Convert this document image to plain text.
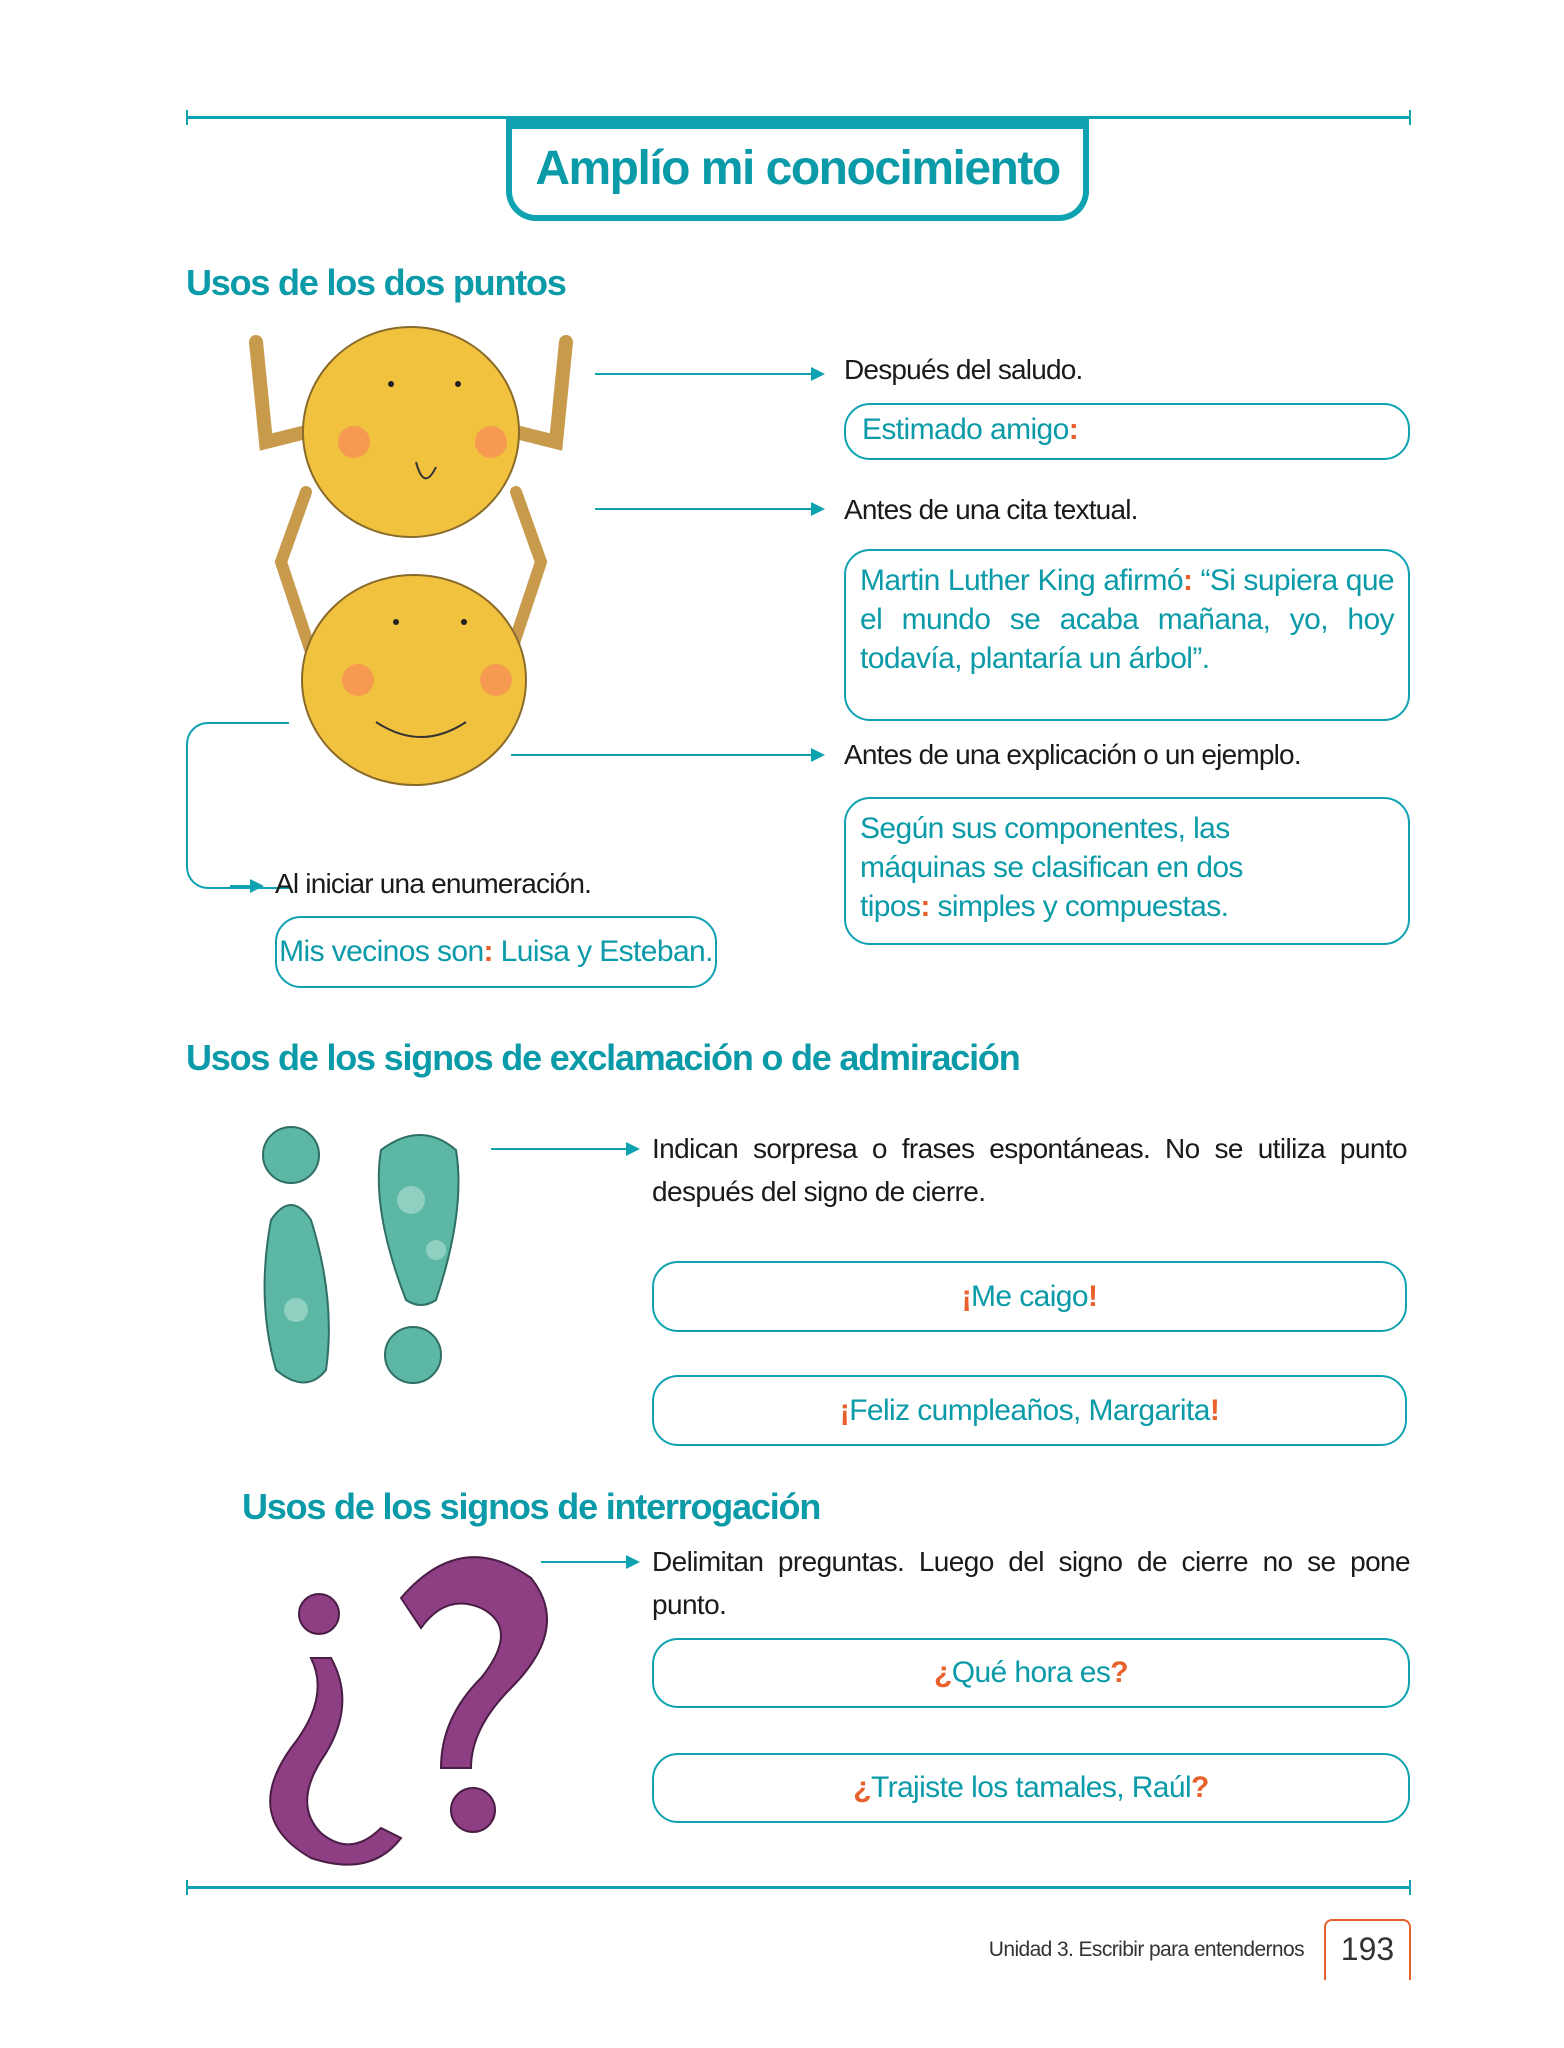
Amplío mi conocimiento
Usos de los dos puntos
Después del saludo.
Estimado amigo:
Antes de una cita textual.
Martin Luther King afirmó: “Si supiera que el mundo se acaba mañana, yo, hoy todavía, plantaría un árbol”.
Antes de una explicación o un ejemplo.
Según sus componentes, las máquinas se clasifican en dos tipos: simples y compuestas.
Al iniciar una enumeración.
Mis vecinos son: Luisa y Esteban.
Usos de los signos de exclamación o de admiración
Indican sorpresa o frases espontáneas. No se utiliza punto después del signo de cierre.
¡Me caigo!
¡Feliz cumpleaños, Margarita!
Usos de los signos de interrogación
Delimitan preguntas. Luego del signo de cierre no se pone punto.
¿Qué hora es?
¿Trajiste los tamales, Raúl?
Unidad 3. Escribir para entendernos	193
